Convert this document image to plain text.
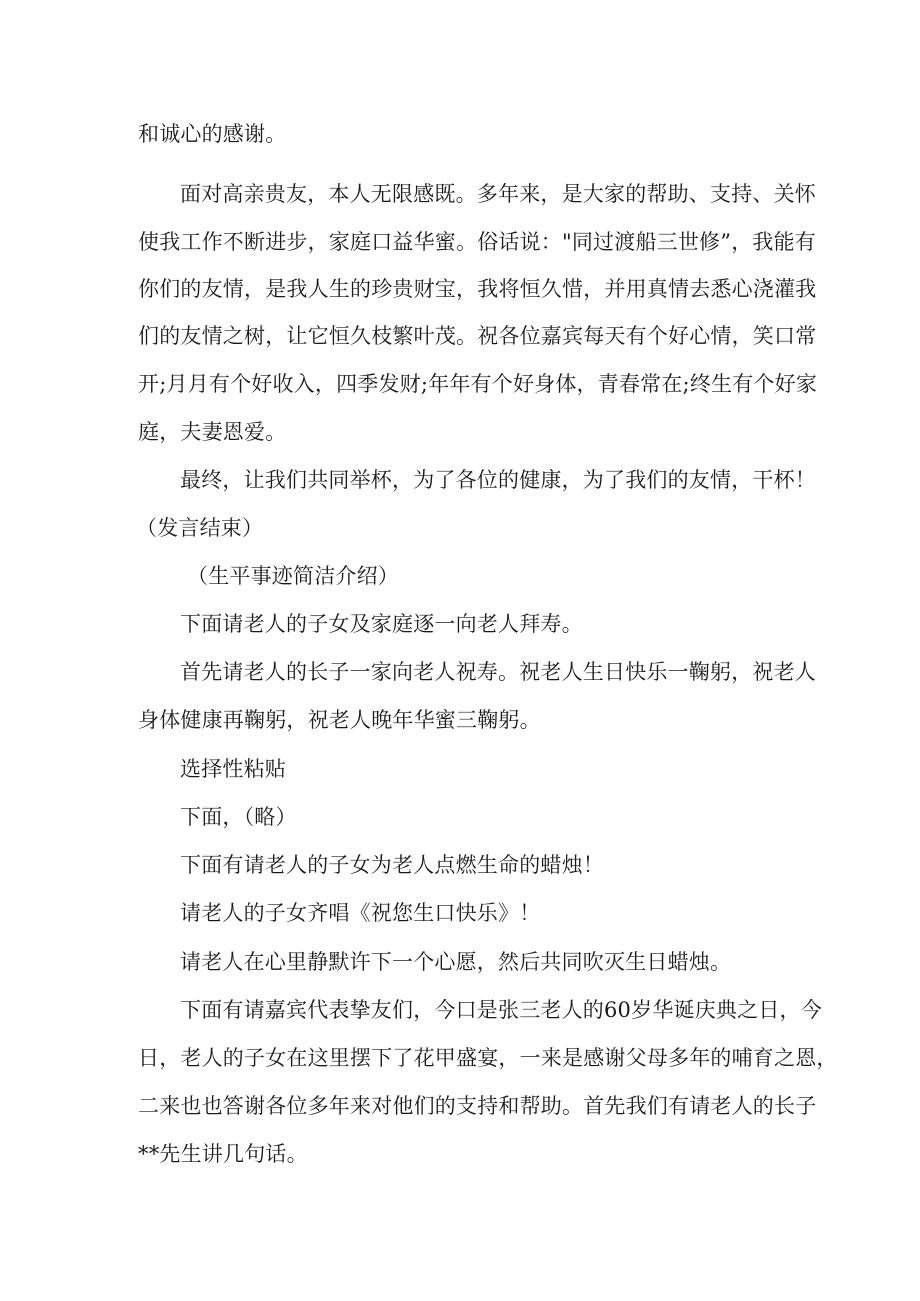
和诚心的感谢。
面对高亲贵友，本人无限感既。多年来，是大家的帮助、支持、关怀
使我工作不断进步，家庭口益华蜜。俗话说："同过渡船三世修”，我能有
你们的友情，是我人生的珍贵财宝，我将恒久惜，并用真情去悉心浇灌我
们的友情之树，让它恒久枝繁叶茂。祝各位嘉宾每天有个好心情，笑口常
开;月月有个好收入，四季发财;年年有个好身体，青春常在;终生有个好家
庭，夫妻恩爱。
最终，让我们共同举杯，为了各位的健康，为了我们的友情，干杯！
（发言结束）
（生平事迹简洁介绍）
下面请老人的子女及家庭逐一向老人拜寿。
首先请老人的长子一家向老人祝寿。祝老人生日快乐一鞠躬，祝老人
身体健康再鞠躬，祝老人晚年华蜜三鞠躬。
选择性粘贴
下面，（略）
下面有请老人的子女为老人点燃生命的蜡烛！
请老人的子女齐唱《祝您生口快乐》！
请老人在心里静默许下一个心愿，然后共同吹灭生日蜡烛。
下面有请嘉宾代表挚友们，今口是张三老人的60岁华诞庆典之日，今
日，老人的子女在这里摆下了花甲盛宴，一来是感谢父母多年的哺育之恩，
二来也也答谢各位多年来对他们的支持和帮助。首先我们有请老人的长子
**先生讲几句话。
